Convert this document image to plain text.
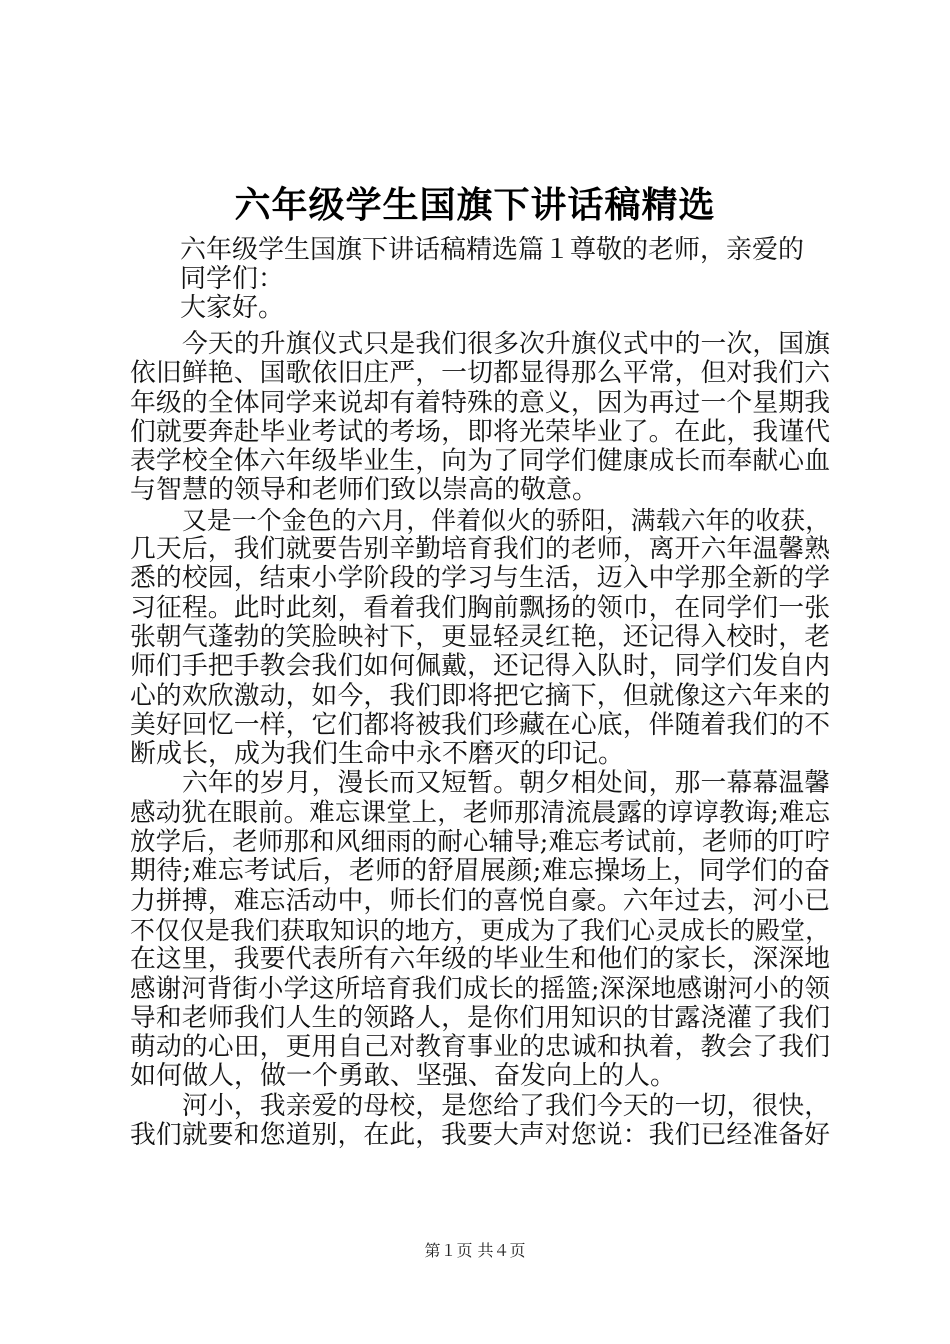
六年级学生国旗下讲话稿精选
六年级学生国旗下讲话稿精选篇１尊敬的老师，亲爱的
同学们：
大家好。
今天的升旗仪式只是我们很多次升旗仪式中的一次，国旗
依旧鲜艳、国歌依旧庄严，一切都显得那么平常，但对我们六
年级的全体同学来说却有着特殊的意义，因为再过一个星期我
们就要奔赴毕业考试的考场，即将光荣毕业了。在此，我谨代
表学校全体六年级毕业生，向为了同学们健康成长而奉献心血
与智慧的领导和老师们致以崇高的敬意。
又是一个金色的六月，伴着似火的骄阳，满载六年的收获，
几天后，我们就要告别辛勤培育我们的老师，离开六年温馨熟
悉的校园，结束小学阶段的学习与生活，迈入中学那全新的学
习征程。此时此刻，看着我们胸前飘扬的领巾，在同学们一张
张朝气蓬勃的笑脸映衬下，更显轻灵红艳，还记得入校时，老
师们手把手教会我们如何佩戴，还记得入队时，同学们发自内
心的欢欣激动，如今，我们即将把它摘下，但就像这六年来的
美好回忆一样，它们都将被我们珍藏在心底，伴随着我们的不
断成长，成为我们生命中永不磨灭的印记。
六年的岁月，漫长而又短暂。朝夕相处间，那一幕幕温馨
感动犹在眼前。难忘课堂上，老师那清流晨露的谆谆教诲;难忘
放学后，老师那和风细雨的耐心辅导;难忘考试前，老师的叮咛
期待;难忘考试后，老师的舒眉展颜;难忘操场上，同学们的奋
力拼搏，难忘活动中，师长们的喜悦自豪。六年过去，河小已
不仅仅是我们获取知识的地方，更成为了我们心灵成长的殿堂，
在这里，我要代表所有六年级的毕业生和他们的家长，深深地
感谢河背街小学这所培育我们成长的摇篮;深深地感谢河小的领
导和老师我们人生的领路人，是你们用知识的甘露浇灌了我们
萌动的心田，更用自己对教育事业的忠诚和执着，教会了我们
如何做人，做一个勇敢、坚强、奋发向上的人。
河小，我亲爱的母校，是您给了我们今天的一切，很快，
我们就要和您道别，在此，我要大声对您说：我们已经准备好
第１页 共４页
